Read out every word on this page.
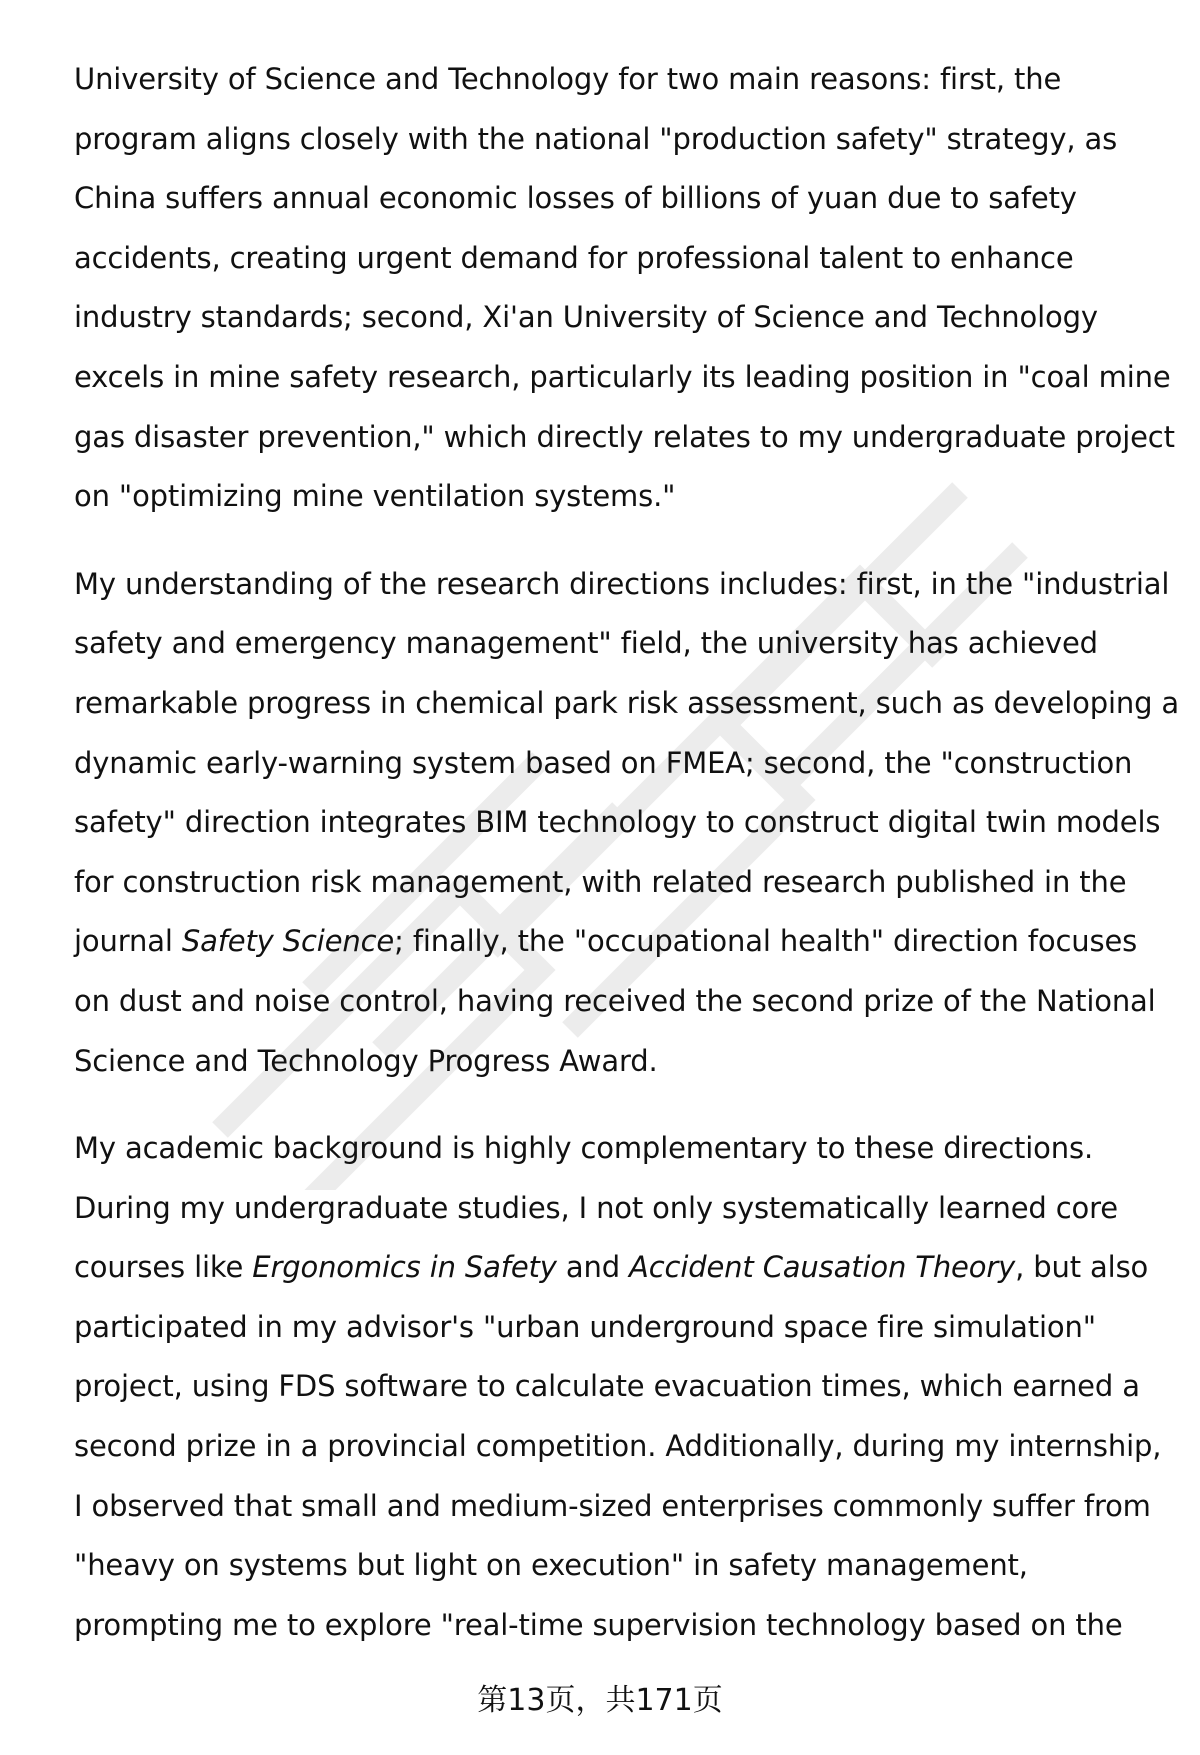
University of Science and Technology for two main reasons: first, the
program aligns closely with the national "production safety" strategy, as
China suffers annual economic losses of billions of yuan due to safety
accidents, creating urgent demand for professional talent to enhance
industry standards; second, Xi'an University of Science and Technology
excels in mine safety research, particularly its leading position in "coal mine
gas disaster prevention," which directly relates to my undergraduate project
on "optimizing mine ventilation systems."

My understanding of the research directions includes: first, in the "industrial
safety and emergency management" field, the university has achieved
remarkable progress in chemical park risk assessment, such as developing a
dynamic early-warning system based on FMEA; second, the "construction
safety" direction integrates BIM technology to construct digital twin models
for construction risk management, with related research published in the
journal Safety Science; finally, the "occupational health" direction focuses
on dust and noise control, having received the second prize of the National
Science and Technology Progress Award.

My academic background is highly complementary to these directions.
During my undergraduate studies, I not only systematically learned core
courses like Ergonomics in Safety and Accident Causation Theory, but also
participated in my advisor's "urban underground space fire simulation"
project, using FDS software to calculate evacuation times, which earned a
second prize in a provincial competition. Additionally, during my internship,
I observed that small and medium-sized enterprises commonly suffer from
"heavy on systems but light on execution" in safety management,
prompting me to explore "real-time supervision technology based on the

第13页，共171页
